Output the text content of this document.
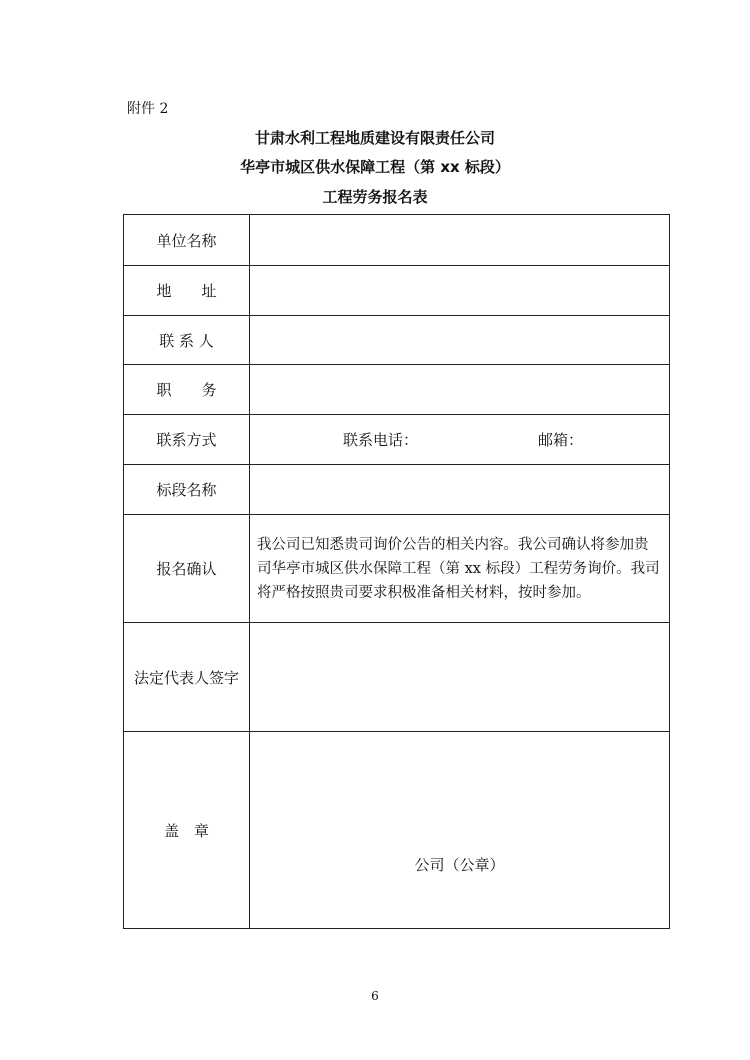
附件 2
甘肃水利工程地质建设有限责任公司
华亭市城区供水保障工程（第 xx 标段）
工程劳务报名表
单位名称	
地　　址	
联 系 人	
职　　务	
联系方式	联系电话： 邮箱：

标段名称	
报名确认	我公司已知悉贵司询价公告的相关内容。我公司确认将参加贵司华亭市城区供水保障工程（第 xx 标段）工程劳务询价。我司将严格按照贵司要求积极准备相关材料，按时参加。

法定代表人签字	
盖　章	公司（公章）
6
